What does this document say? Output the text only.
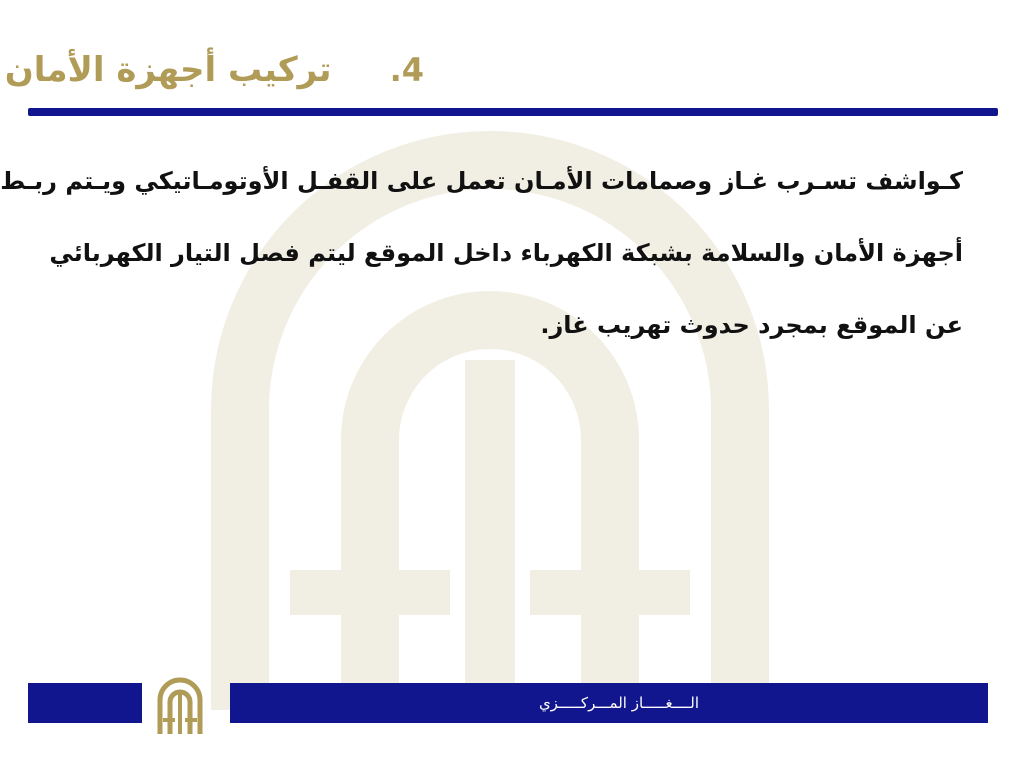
4.
تركيب أجهزة الأمان
كـواشف تسـرب غـاز وصمامات الأمـان تعمل على القفـل الأوتومـاتيكي ويـتم ربـط
أجهزة الأمان والسلامة بشبكة الكهرباء داخل الموقع ليتم فصل التيار الكهربائي
عن الموقع بمجرد حدوث تهريب غاز.
الــــغـــــاز المـــركـــــزي
